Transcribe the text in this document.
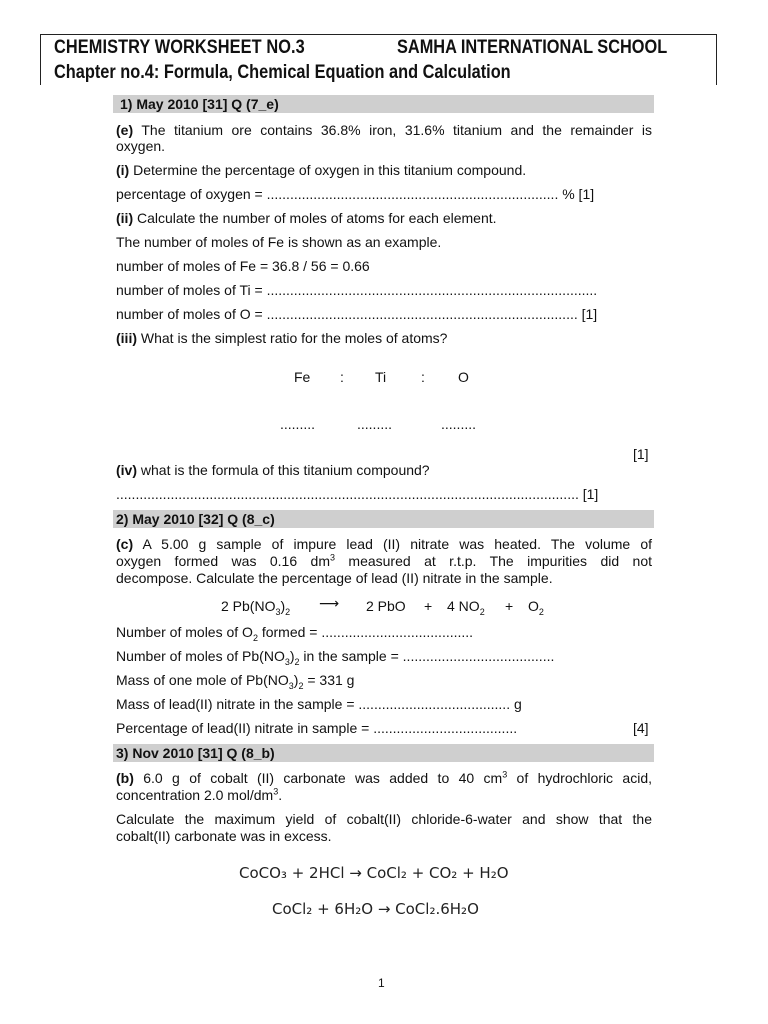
CHEMISTRY WORKSHEET NO.3	SAMHA INTERNATIONAL SCHOOL
Chapter no.4: Formula, Chemical Equation and Calculation
1) May 2010 [31] Q (7_e)
(e) The titanium ore contains 36.8% iron, 31.6% titanium and the remainder is
oxygen.
(i) Determine the percentage of oxygen in this titanium compound.
percentage of oxygen = ........................................................................... % [1]
(ii) Calculate the number of moles of atoms for each element.
The number of moles of Fe is shown as an example.
number of moles of Fe = 36.8 / 56 = 0.66
number of moles of Ti = .....................................................................................
number of moles of O = ................................................................................ [1]
(iii) What is the simplest ratio for the moles of atoms?
Fe : Ti : O
.........	.........	.........
[1]
(iv) what is the formula of this titanium compound?
....................................................................................................................... [1]
2) May 2010 [32] Q (8_c)
(c) A 5.00 g sample of impure lead (II) nitrate was heated. The volume of
oxygen formed was 0.16 $dm^3$ measured at r.t.p. The impurities did not
decompose. Calculate the percentage of lead (II) nitrate in the sample.
2 $Pb(NO_3)_2$ ⟶ 2 PbO + 4 $NO_2 + O_2$
Number of moles of $O_2$ formed = .......................................
Number of moles of $Pb(NO_3)_2$ in the sample = .......................................
Mass of one mole of $Pb(NO_3)_2 = 331$ g
Mass of lead(II) nitrate in the sample = ....................................... g
Percentage of lead(II) nitrate in sample = .....................................	[4]
3) Nov 2010 [31] Q (8_b)
(b) 6.0 g of cobalt (II) carbonate was added to 40 $cm^3$ of hydrochloric acid,
concentration 2.0 mol/$dm^3$.
Calculate the maximum yield of cobalt(II) chloride-6-water and show that the
cobalt(II) carbonate was in excess.
CoCO₃ + 2HCl → CoCl₂ + CO₂ + H₂O
CoCl₂ + 6H₂O → CoCl₂.6H₂O
1
